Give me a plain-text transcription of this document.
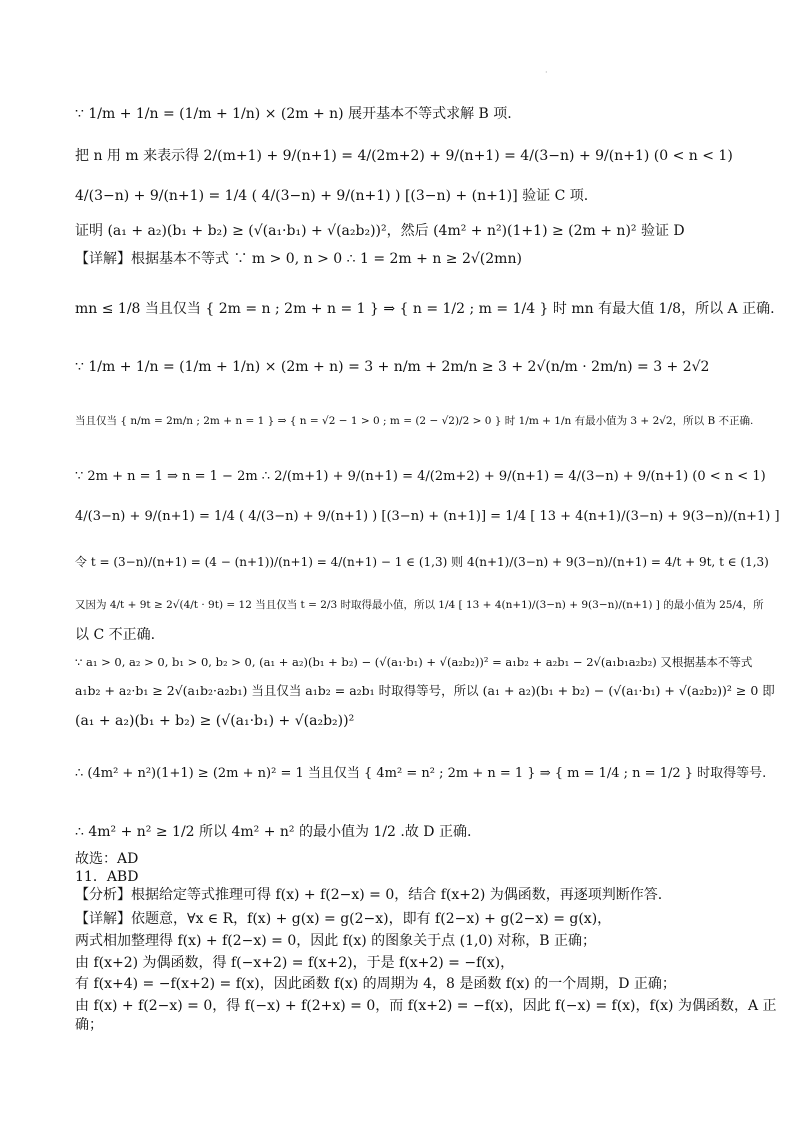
·
∵ 1/m + 1/n = (1/m + 1/n) × (2m + n) 展开基本不等式求解 B 项.
把 n 用 m 来表示得 2/(m+1) + 9/(n+1) = 4/(2m+2) + 9/(n+1) = 4/(3−n) + 9/(n+1) (0 < n < 1)
4/(3−n) + 9/(n+1) = 1/4 ( 4/(3−n) + 9/(n+1) ) [(3−n) + (n+1)] 验证 C 项.
证明 (a₁ + a₂)(b₁ + b₂) ≥ (√(a₁·b₁) + √(a₂b₂))²，然后 (4m² + n²)(1+1) ≥ (2m + n)² 验证 D
【详解】根据基本不等式 ∵ m > 0, n > 0 ∴ 1 = 2m + n ≥ 2√(2mn)
mn ≤ 1/8 当且仅当 { 2m = n ; 2m + n = 1 } ⇒ { n = 1/2 ; m = 1/4 } 时 mn 有最大值 1/8，所以 A 正确.
∵ 1/m + 1/n = (1/m + 1/n) × (2m + n) = 3 + n/m + 2m/n ≥ 3 + 2√(n/m · 2m/n) = 3 + 2√2
当且仅当 { n/m = 2m/n ; 2m + n = 1 } ⇒ { n = √2 − 1 > 0 ; m = (2 − √2)/2 > 0 } 时 1/m + 1/n 有最小值为 3 + 2√2，所以 B 不正确.
∵ 2m + n = 1 ⇒ n = 1 − 2m ∴ 2/(m+1) + 9/(n+1) = 4/(2m+2) + 9/(n+1) = 4/(3−n) + 9/(n+1) (0 < n < 1)
4/(3−n) + 9/(n+1) = 1/4 ( 4/(3−n) + 9/(n+1) ) [(3−n) + (n+1)] = 1/4 [ 13 + 4(n+1)/(3−n) + 9(3−n)/(n+1) ]
令 t = (3−n)/(n+1) = (4 − (n+1))/(n+1) = 4/(n+1) − 1 ∈ (1,3) 则 4(n+1)/(3−n) + 9(3−n)/(n+1) = 4/t + 9t, t ∈ (1,3)
又因为 4/t + 9t ≥ 2√(4/t · 9t) = 12 当且仅当 t = 2/3 时取得最小值，所以 1/4 [ 13 + 4(n+1)/(3−n) + 9(3−n)/(n+1) ] 的最小值为 25/4，所
以 C 不正确.
∵ a₁ > 0, a₂ > 0, b₁ > 0, b₂ > 0, (a₁ + a₂)(b₁ + b₂) − (√(a₁·b₁) + √(a₂b₂))² = a₁b₂ + a₂b₁ − 2√(a₁b₁a₂b₂) 又根据基本不等式
a₁b₂ + a₂·b₁ ≥ 2√(a₁b₂·a₂b₁) 当且仅当 a₁b₂ = a₂b₁ 时取得等号，所以 (a₁ + a₂)(b₁ + b₂) − (√(a₁·b₁) + √(a₂b₂))² ≥ 0 即
(a₁ + a₂)(b₁ + b₂) ≥ (√(a₁·b₁) + √(a₂b₂))²
∴ (4m² + n²)(1+1) ≥ (2m + n)² = 1 当且仅当 { 4m² = n² ; 2m + n = 1 } ⇒ { m = 1/4 ; n = 1/2 } 时取得等号.
∴ 4m² + n² ≥ 1/2 所以 4m² + n² 的最小值为 1/2 .故 D 正确.
故选：AD
11．ABD
【分析】根据给定等式推理可得 f(x) + f(2−x) = 0，结合 f(x+2) 为偶函数，再逐项判断作答.
【详解】依题意，∀x ∈ R，f(x) + g(x) = g(2−x)，即有 f(2−x) + g(2−x) = g(x)，
两式相加整理得 f(x) + f(2−x) = 0，因此 f(x) 的图象关于点 (1,0) 对称，B 正确；
由 f(x+2) 为偶函数，得 f(−x+2) = f(x+2)，于是 f(x+2) = −f(x)，
有 f(x+4) = −f(x+2) = f(x)，因此函数 f(x) 的周期为 4，8 是函数 f(x) 的一个周期，D 正确；
由 f(x) + f(2−x) = 0，得 f(−x) + f(2+x) = 0，而 f(x+2) = −f(x)，因此 f(−x) = f(x)，f(x) 为偶函数，A 正
确；
